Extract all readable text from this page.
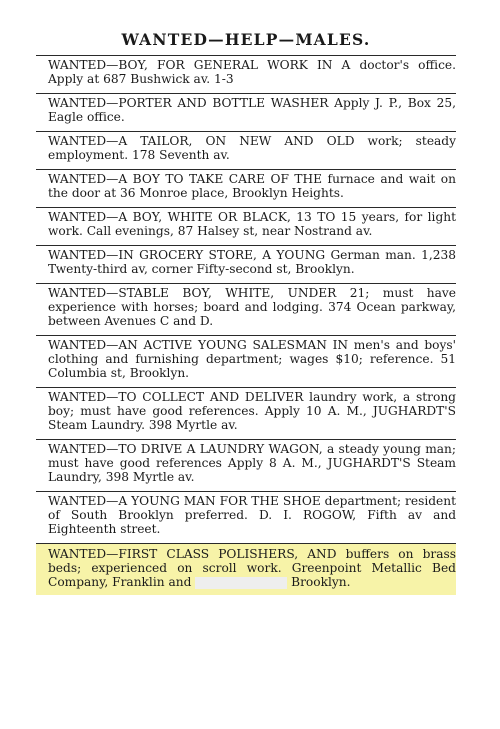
WANTED—HELP—MALES.
WANTED—BOY, FOR GENERAL WORK IN A doctor's office. Apply at 687 Bushwick av. 1-3
WANTED—PORTER AND BOTTLE WASHER Apply J. P., Box 25, Eagle office.
WANTED—A TAILOR, ON NEW AND OLD work; steady employment. 178 Seventh av.
WANTED—A BOY TO TAKE CARE OF THE furnace and wait on the door at 36 Monroe place, Brooklyn Heights.
WANTED—A BOY, WHITE OR BLACK, 13 TO 15 years, for light work. Call evenings, 87 Halsey st, near Nostrand av.
WANTED—IN GROCERY STORE, A YOUNG German man. 1,238 Twenty-third av, corner Fifty-second st, Brooklyn.
WANTED—STABLE BOY, WHITE, UNDER 21; must have experience with horses; board and lodging. 374 Ocean parkway, between Avenues C and D.
WANTED—AN ACTIVE YOUNG SALESMAN IN men's and boys' clothing and furnishing department; wages $10; reference. 51 Columbia st, Brooklyn.
WANTED—TO COLLECT AND DELIVER laundry work, a strong boy; must have good references. Apply 10 A. M., JUGHARDT'S Steam Laundry. 398 Myrtle av.
WANTED—TO DRIVE A LAUNDRY WAGON, a steady young man; must have good references Apply 8 A. M., JUGHARDT'S Steam Laundry, 398 Myrtle av.
WANTED—A YOUNG MAN FOR THE SHOE department; resident of South Brooklyn preferred. D. I. ROGOW, Fifth av and Eighteenth street.
WANTED—FIRST CLASS POLISHERS, AND buffers on brass beds; experienced on scroll work. Greenpoint Metallic Bed Company, Franklin and	Brooklyn.
